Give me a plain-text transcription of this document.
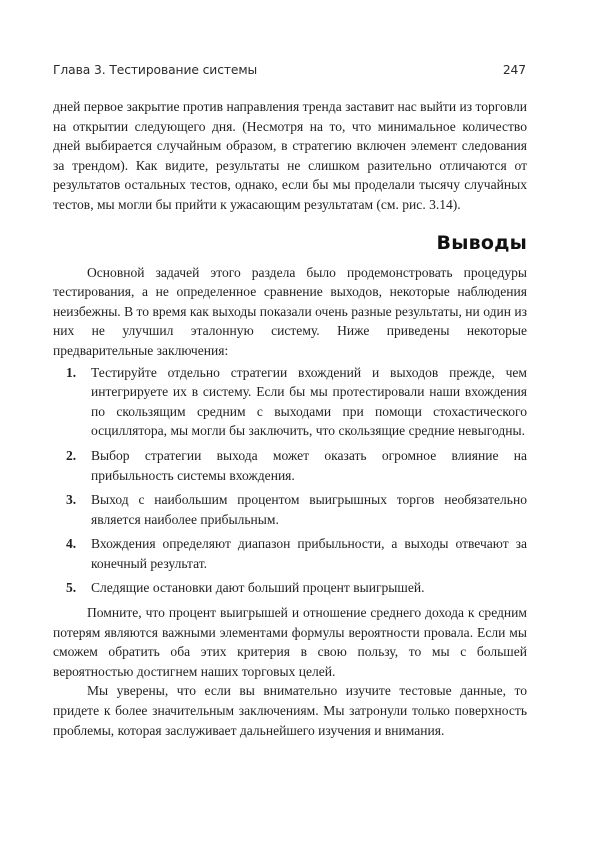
Глава 3. Тестирование системы	247

дней первое закрытие против направления тренда заставит нас выйти из торговли на открытии следующего дня. (Несмотря на то, что минимальное количество дней выбирается случайным образом, в стратегию включен элемент следования за трендом). Как видите, результаты не слишком разительно отличаются от результатов остальных тестов, однако, если бы мы проделали тысячу случайных тестов, мы могли бы прийти к ужасающим результатам (см. рис. 3.14).

Выводы

Основной задачей этого раздела было продемонстровать процедуры тестирования, а не определенное сравнение выходов, некоторые наблюдения неизбежны. В то время как выходы показали очень разные результаты, ни один из них не улучшил эталонную систему. Ниже приведены некоторые предварительные заключения:

1. Тестируйте отдельно стратегии вхождений и выходов прежде, чем интегрируете их в систему. Если бы мы протестировали наши вхождения по скользящим средним с выходами при помощи стохастического осциллятора, мы могли бы заключить, что скользящие средние невыгодны.
2. Выбор стратегии выхода может оказать огромное влияние на прибыльность системы вхождения.
3. Выход с наибольшим процентом выигрышных торгов необязательно является наиболее прибыльным.
4. Вхождения определяют диапазон прибыльности, а выходы отвечают за конечный результат.
5. Следящие остановки дают больший процент выигрышей.

Помните, что процент выигрышей и отношение среднего дохода к средним потерям являются важными элементами формулы вероятности провала. Если мы сможем обратить оба этих критерия в свою пользу, то мы с большей вероятностью достигнем наших торговых целей.

Мы уверены, что если вы внимательно изучите тестовые данные, то придете к более значительным заключениям. Мы затронули только поверхность проблемы, которая заслуживает дальнейшего изучения и внимания.
